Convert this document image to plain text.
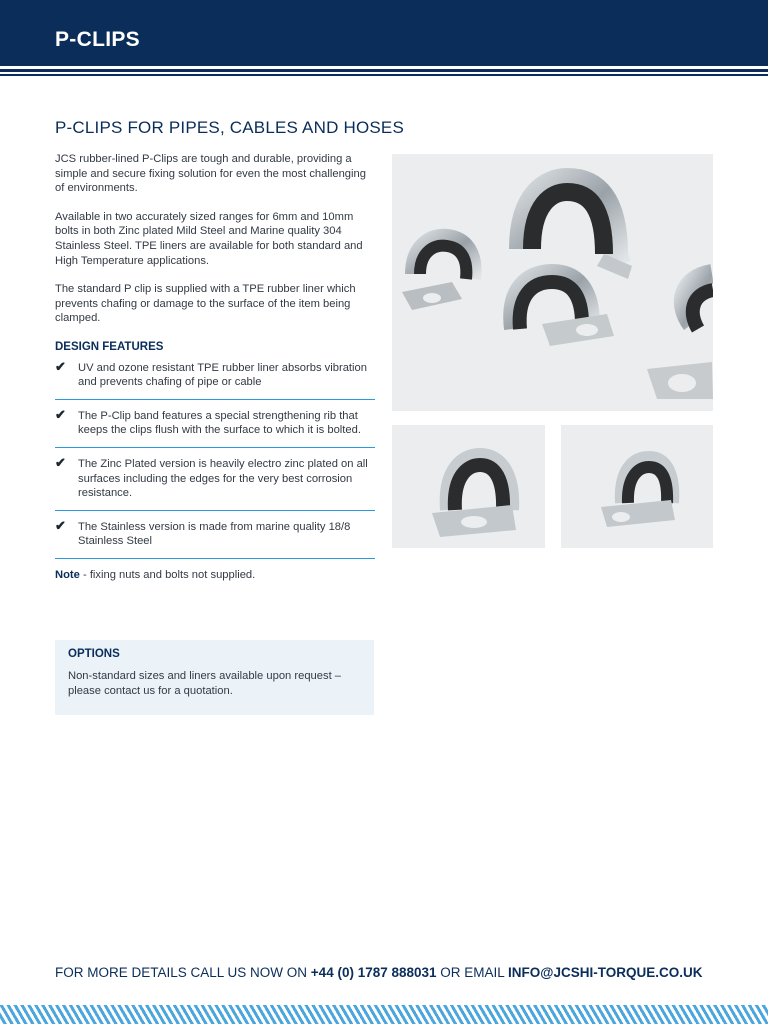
P-CLIPS
P-CLIPS FOR PIPES, CABLES AND HOSES

JCS rubber-lined P-Clips are tough and durable, providing a simple and secure fixing solution for even the most challenging of environments.

Available in two accurately sized ranges for 6mm and 10mm bolts in both Zinc plated Mild Steel and Marine quality 304 Stainless Steel. TPE liners are available for both standard and High Temperature applications.

The standard P clip is supplied with a TPE rubber liner which prevents chafing or damage to the surface of the item being clamped.

DESIGN FEATURES
✔ UV and ozone resistant TPE rubber liner absorbs vibration and prevents chafing of pipe or cable
✔ The P-Clip band features a special strengthening rib that keeps the clips flush with the surface to which it is bolted.
✔ The Zinc Plated version is heavily electro zinc plated on all surfaces including the edges for the very best corrosion resistance.
✔ The Stainless version is made from marine quality 18/8 Stainless Steel
Note - fixing nuts and bolts not supplied.
OPTIONS
Non-standard sizes and liners available upon request – please contact us for a quotation.
FOR MORE DETAILS CALL US NOW ON +44 (0) 1787 888031 OR EMAIL INFO@JCSHI-TORQUE.CO.UK
